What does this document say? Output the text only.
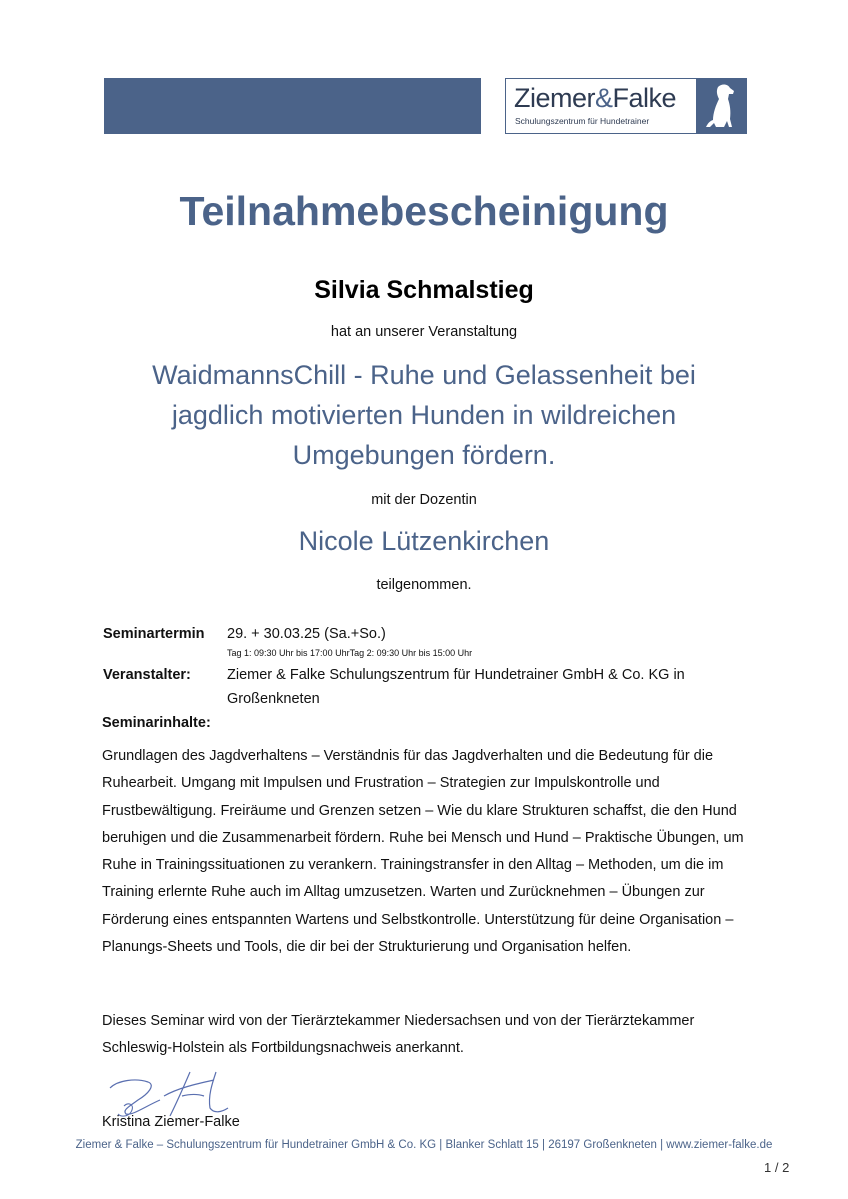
Ziemer&Falke
Schulungszentrum für Hundetrainer
Teilnahmebescheinigung
Silvia Schmalstieg
hat an unserer Veranstaltung
WaidmannsChill - Ruhe und Gelassenheit bei jagdlich motivierten Hunden in wildreichen Umgebungen fördern.
mit der Dozentin
Nicole Lützenkirchen
teilgenommen.
Seminartermin 29. + 30.03.25 (Sa.+So.)
Tag 1: 09:30 Uhr bis 17:00 UhrTag 2: 09:30 Uhr bis 15:00 Uhr
Veranstalter: Ziemer & Falke Schulungszentrum für Hundetrainer GmbH & Co. KG in
Großenkneten
Seminarinhalte:
Grundlagen des Jagdverhaltens – Verständnis für das Jagdverhalten und die Bedeutung für die Ruhearbeit. Umgang mit Impulsen und Frustration – Strategien zur Impulskontrolle und Frustbewältigung. Freiräume und Grenzen setzen – Wie du klare Strukturen schaffst, die den Hund beruhigen und die Zusammenarbeit fördern. Ruhe bei Mensch und Hund – Praktische Übungen, um Ruhe in Trainingssituationen zu verankern. Trainingstransfer in den Alltag – Methoden, um die im Training erlernte Ruhe auch im Alltag umzusetzen. Warten und Zurücknehmen – Übungen zur Förderung eines entspannten Wartens und Selbstkontrolle. Unterstützung für deine Organisation – Planungs-Sheets und Tools, die dir bei der Strukturierung und Organisation helfen.
Dieses Seminar wird von der Tierärztekammer Niedersachsen und von der Tierärztekammer Schleswig-Holstein als Fortbildungsnachweis anerkannt.
Kristina Ziemer-Falke
Ziemer & Falke – Schulungszentrum für Hundetrainer GmbH & Co. KG | Blanker Schlatt 15 | 26197 Großenkneten | www.ziemer-falke.de
1 / 2
